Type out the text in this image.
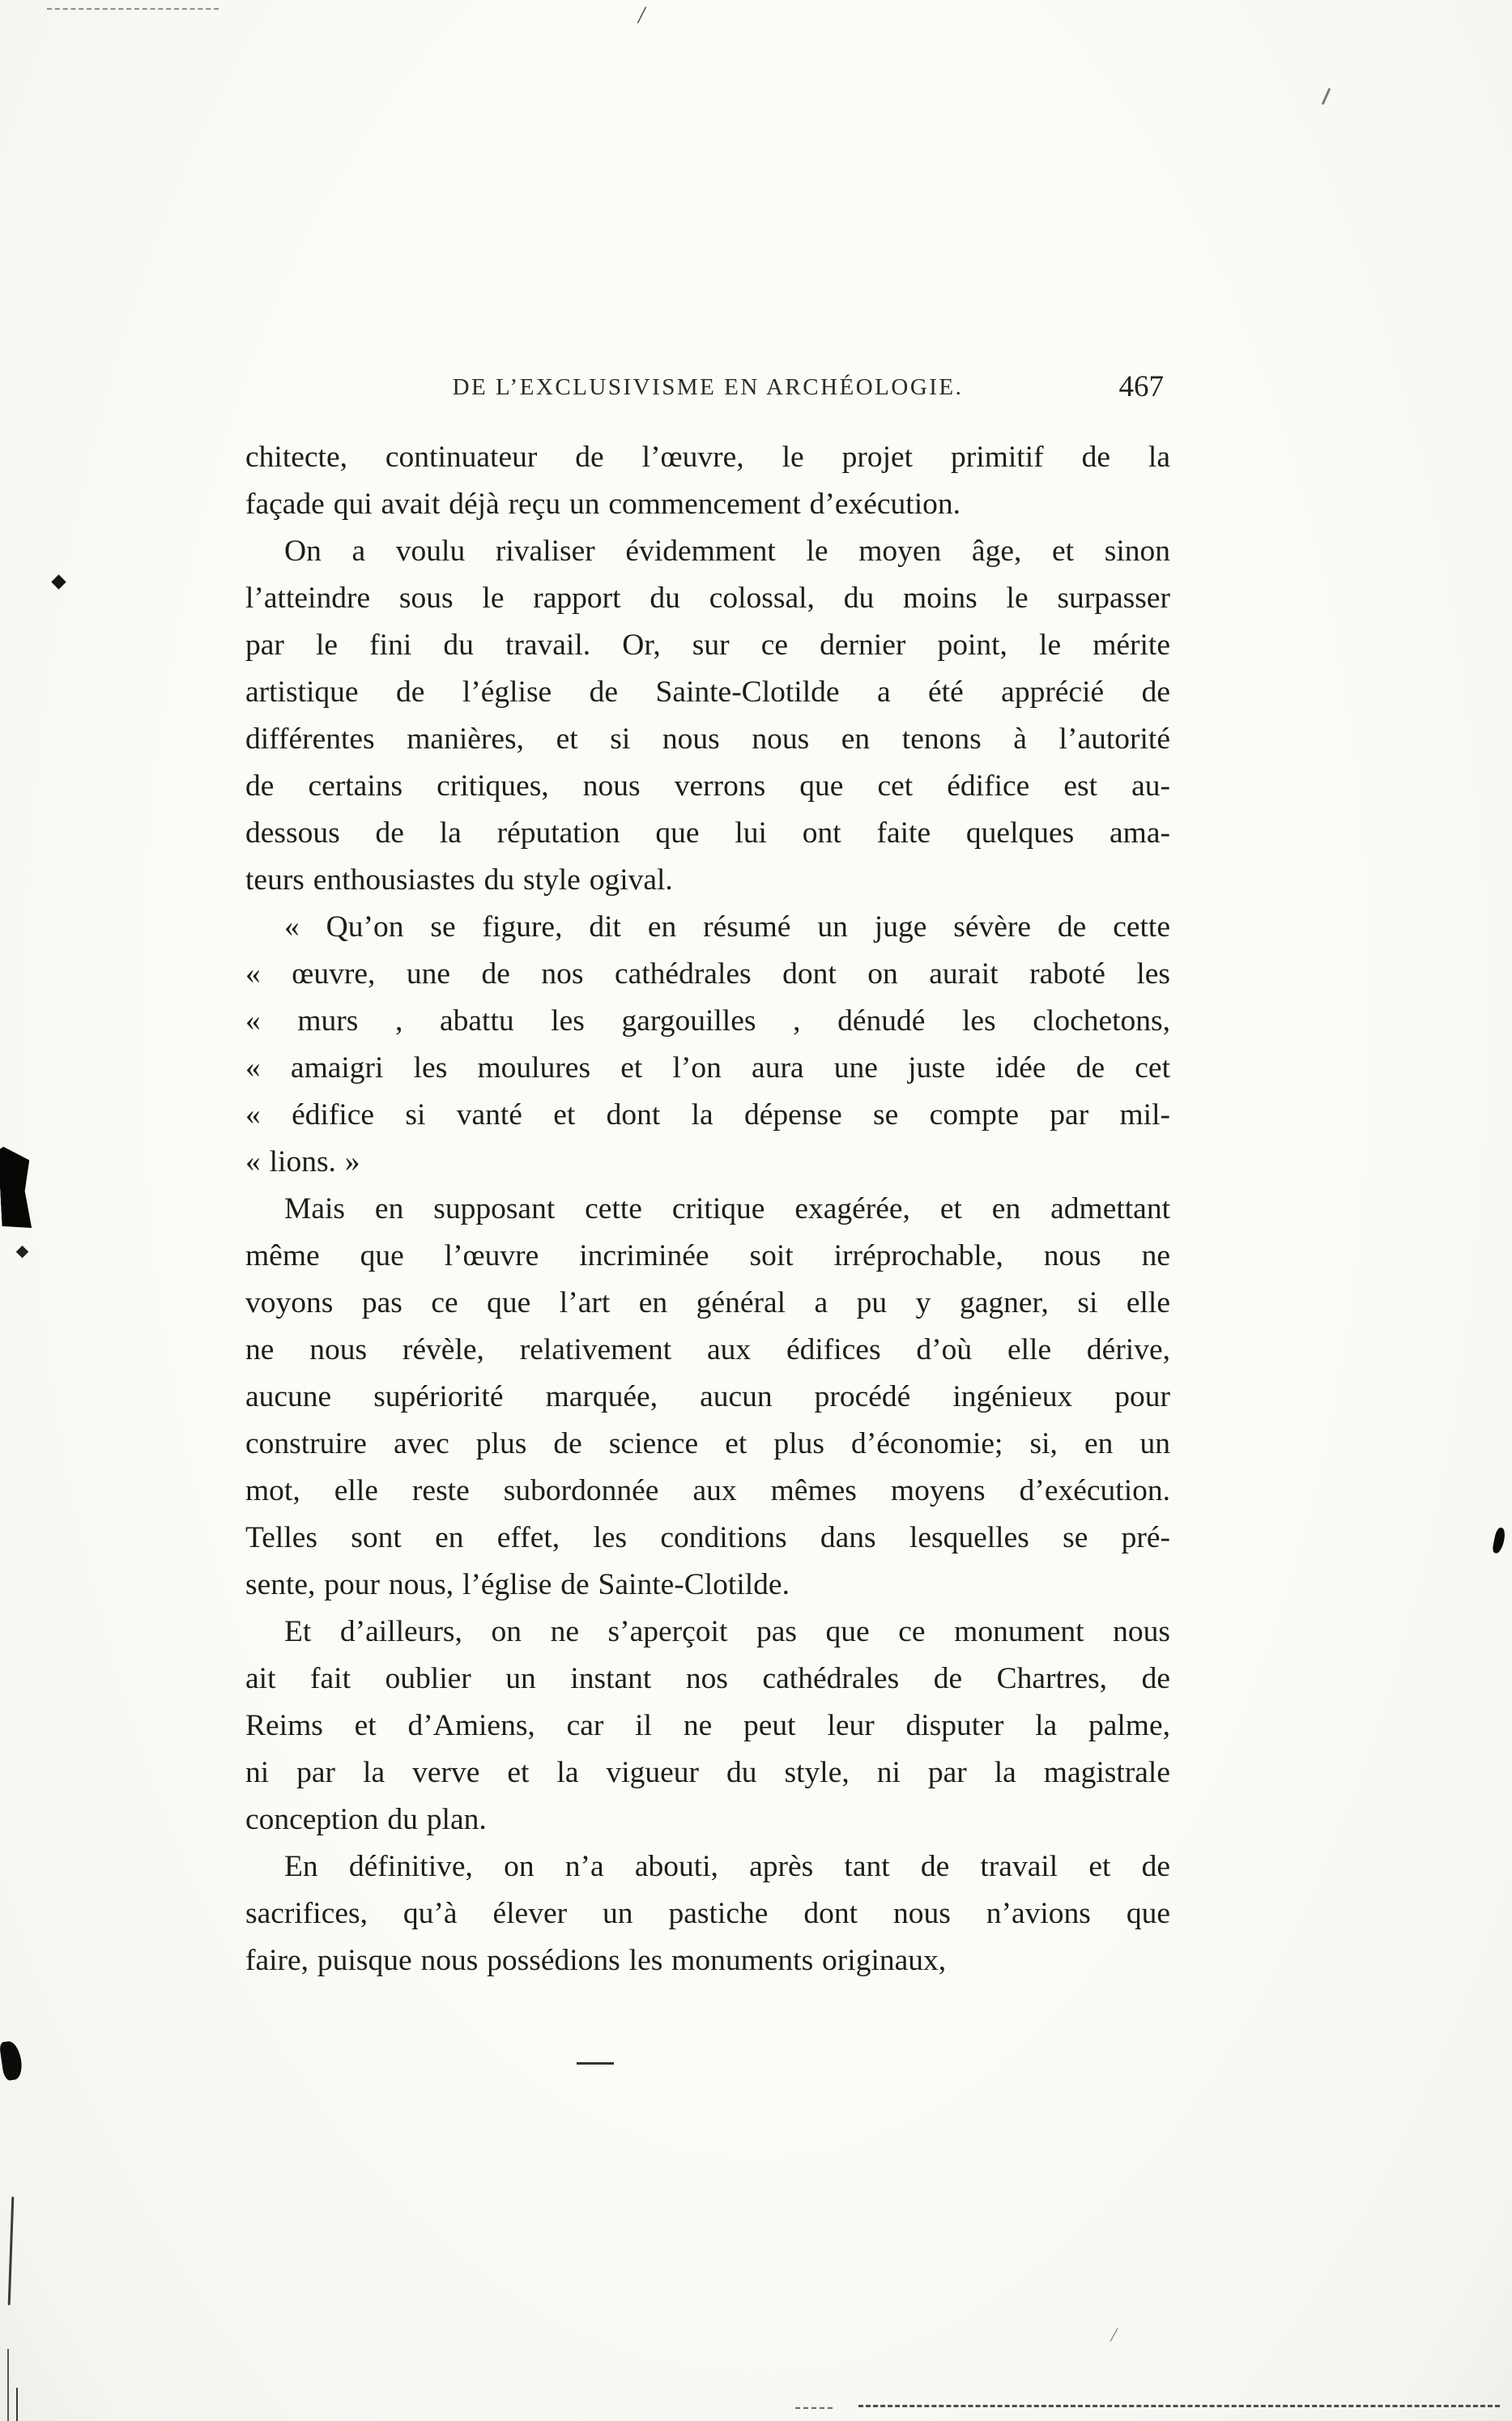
/
/
DE L’EXCLUSIVISME EN ARCHÉOLOGIE.	467
chitecte, continuateur de l’œuvre, le projet primitif de la
façade qui avait déjà reçu un commencement d’exécution.
On a voulu rivaliser évidemment le moyen âge, et sinon
l’atteindre sous le rapport du colossal, du moins le surpasser
par le fini du travail. Or, sur ce dernier point, le mérite
artistique de l’église de Sainte-Clotilde a été apprécié de
différentes manières, et si nous nous en tenons à l’autorité
de certains critiques, nous verrons que cet édifice est au-
dessous de la réputation que lui ont faite quelques ama-
teurs enthousiastes du style ogival.
« Qu’on se figure, dit en résumé un juge sévère de cette
« œuvre, une de nos cathédrales dont on aurait raboté les
« murs , abattu les gargouilles , dénudé les clochetons,
« amaigri les moulures et l’on aura une juste idée de cet
« édifice si vanté et dont la dépense se compte par mil-
« lions. »
Mais en supposant cette critique exagérée, et en admettant
même que l’œuvre incriminée soit irréprochable, nous ne
voyons pas ce que l’art en général a pu y gagner, si elle
ne nous révèle, relativement aux édifices d’où elle dérive,
aucune supériorité marquée, aucun procédé ingénieux pour
construire avec plus de science et plus d’économie; si, en un
mot, elle reste subordonnée aux mêmes moyens d’exécution.
Telles sont en effet, les conditions dans lesquelles se pré-
sente, pour nous, l’église de Sainte-Clotilde.
Et d’ailleurs, on ne s’aperçoit pas que ce monument nous
ait fait oublier un instant nos cathédrales de Chartres, de
Reims et d’Amiens, car il ne peut leur disputer la palme,
ni par la verve et la vigueur du style, ni par la magistrale
conception du plan.
En définitive, on n’a abouti, après tant de travail et de
sacrifices, qu’à élever un pastiche dont nous n’avions que
faire, puisque nous possédions les monuments originaux,
